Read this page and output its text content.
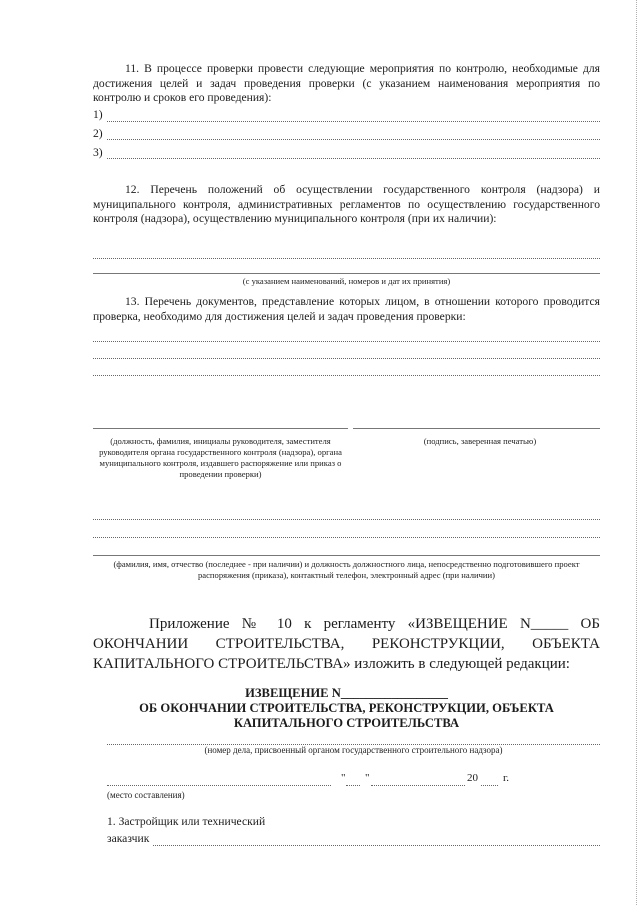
11. В процессе проверки провести следующие мероприятия по контролю, необходимые для достижения целей и задач проведения проверки (с указанием наименования мероприятия по контролю и сроков его проведения):
1)
2)
3)
12. Перечень положений об осуществлении государственного контроля (надзора) и муниципального контроля, административных регламентов по осуществлению государственного контроля (надзора), осуществлению муниципального контроля (при их наличии):
(с указанием наименований, номеров и дат их принятия)
13. Перечень документов, представление которых лицом, в отношении которого проводится проверка, необходимо для достижения целей и задач проведения проверки:
(должность, фамилия, инициалы руководителя, заместителя руководителя органа государственного контроля (надзора), органа муниципального контроля, издавшего распоряжение или приказ о проведении проверки)
(подпись, заверенная печатью)
(фамилия, имя, отчество (последнее - при наличии) и должность должностного лица, непосредственно подготовившего проект распоряжения (приказа), контактный телефон, электронный адрес (при наличии)
Приложение № 10 к регламенту «ИЗВЕЩЕНИЕ N_____ ОБ ОКОНЧАНИИ СТРОИТЕЛЬСТВА, РЕКОНСТРУКЦИИ, ОБЪЕКТА КАПИТАЛЬНОГО СТРОИТЕЛЬСТВА» изложить в следующей редакции:
ИЗВЕЩЕНИЕ N_________________
ОБ ОКОНЧАНИИ СТРОИТЕЛЬСТВА, РЕКОНСТРУКЦИИ, ОБЪЕКТА
КАПИТАЛЬНОГО СТРОИТЕЛЬСТВА
(номер дела, присвоенный органом государственного строительного надзора)
" "	20 г.
(место составления)
1. Застройщик или технический
заказчик
